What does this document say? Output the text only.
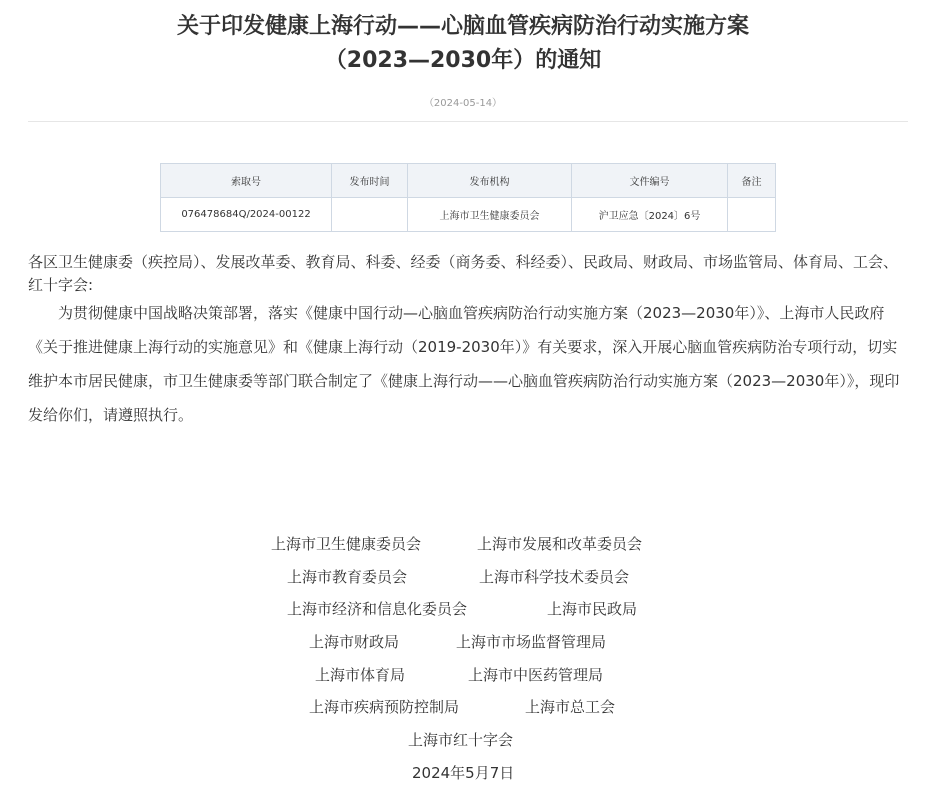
关于印发健康上海行动——心脑血管疾病防治行动实施方案
（2023—2030年）的通知
（2024-05-14）
索取号	发布时间	发布机构	文件编号	备注
076478684Q/2024-00122		上海市卫生健康委员会	沪卫应急〔2024〕6号	
各区卫生健康委（疾控局）、发展改革委、教育局、科委、经委（商务委、科经委）、民政局、财政局、市场监管局、体育局、工会、红十字会:
为贯彻健康中国战略决策部署，落实《健康中国行动—心脑血管疾病防治行动实施方案（2023—2030年）》、上海市人民政府《关于推进健康上海行动的实施意见》和《健康上海行动（2019-2030年）》有关要求，深入开展心脑血管疾病防治专项行动，切实维护本市居民健康，市卫生健康委等部门联合制定了《健康上海行动——心脑血管疾病防治行动实施方案（2023—2030年）》，现印发给你们，请遵照执行。
上海市卫生健康委员会	上海市发展和改革委员会
上海市教育委员会	上海市科学技术委员会
上海市经济和信息化委员会	上海市民政局
上海市财政局	上海市市场监督管理局
上海市体育局	上海市中医药管理局
上海市疾病预防控制局	上海市总工会
上海市红十字会
2024年5月7日
